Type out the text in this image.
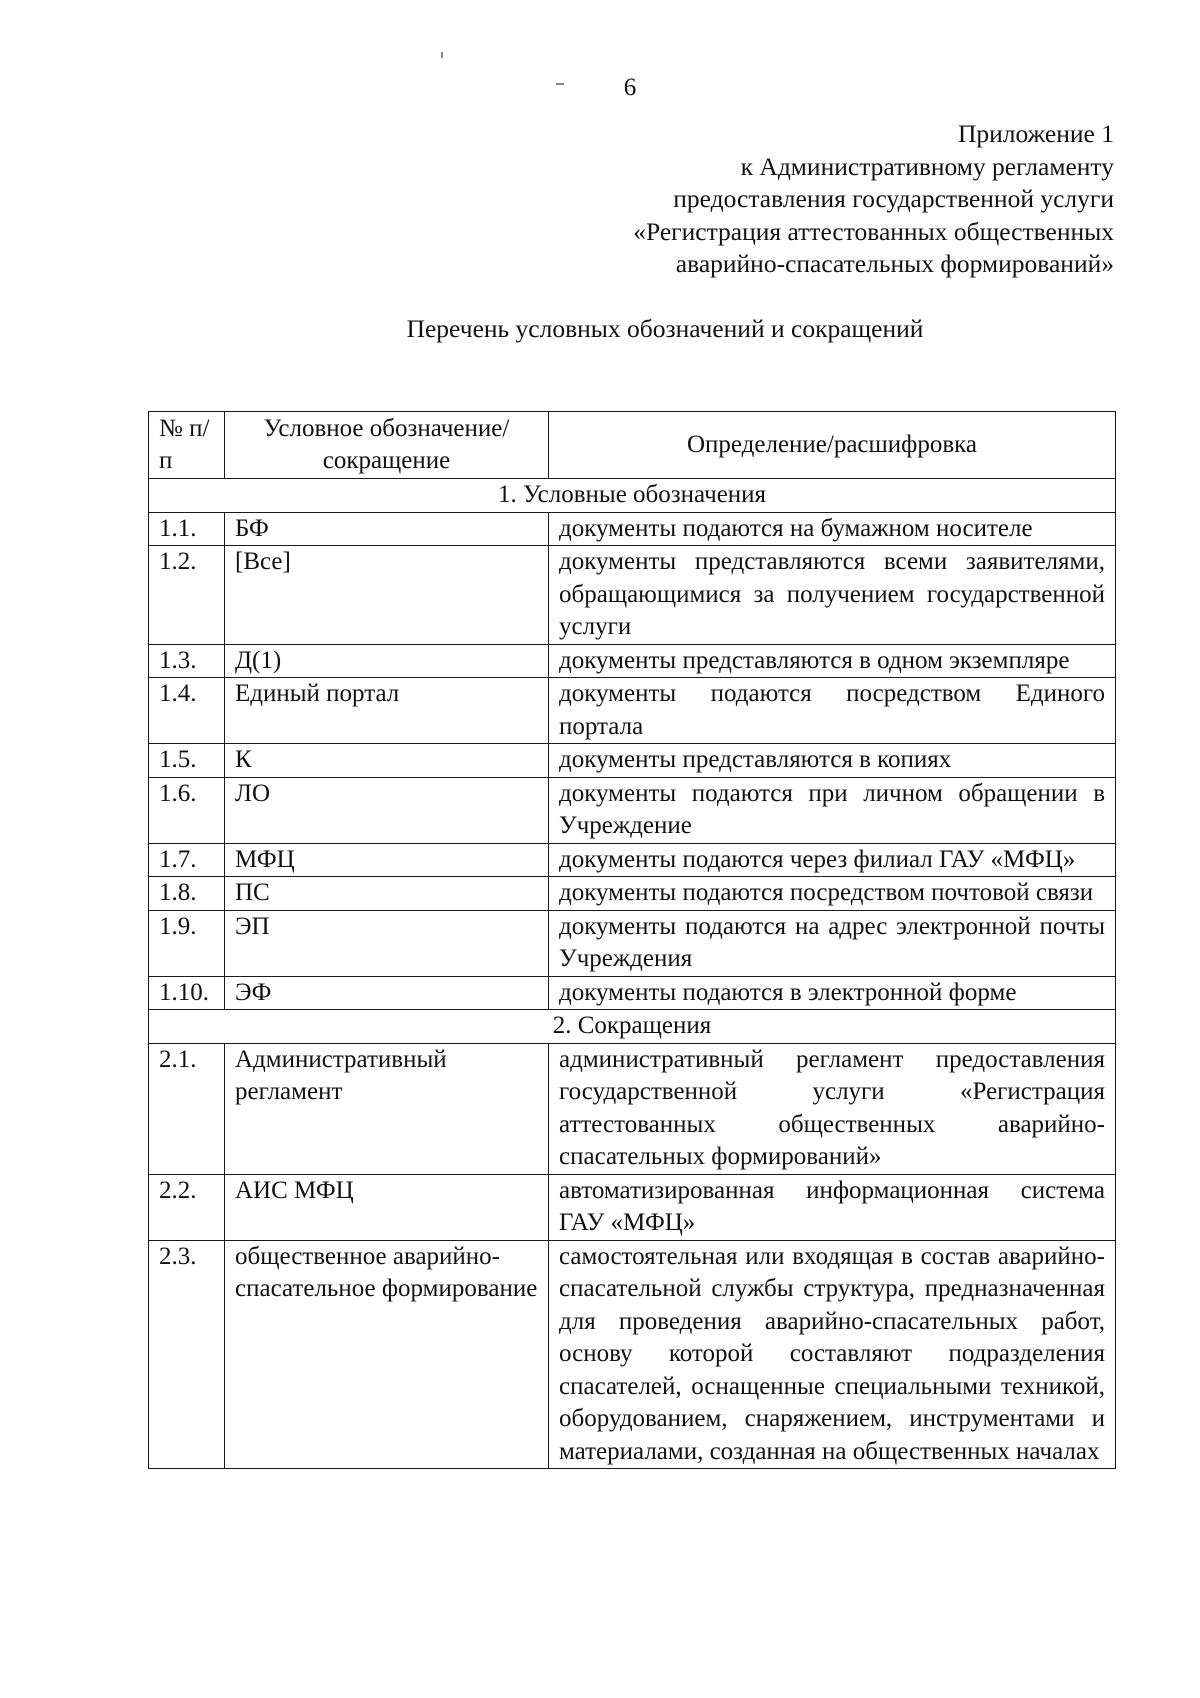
6
Приложение 1
к Административному регламенту
предоставления государственной услуги
«Регистрация аттестованных общественных
аварийно-спасательных формирований»
Перечень условных обозначений и сокращений
№ п/п	Условное обозначение/сокращение	Определение/расшифровка
1. Условные обозначения		
1.1.	БФ	документы подаются на бумажном носителе
1.2.	[Все]	документы представляются всеми заявителями, обращающимися за получением государственной услуги
1.3.	Д(1)	документы представляются в одном экземпляре
1.4.	Единый портал	документы подаются посредством Единого портала
1.5.	К	документы представляются в копиях
1.6.	ЛО	документы подаются при личном обращении в Учреждение
1.7.	МФЦ	документы подаются через филиал ГАУ «МФЦ»
1.8.	ПС	документы подаются посредством почтовой связи
1.9.	ЭП	документы подаются на адрес электронной почты Учреждения
1.10.	ЭФ	документы подаются в электронной форме
2. Сокращения		
2.1.	Административный регламент	административный регламент предоставления государственной услуги «Регистрация аттестованных общественных аварийно-спасательных формирований»
2.2.	АИС МФЦ	автоматизированная информационная система ГАУ «МФЦ»
2.3.	общественное аварийно-спасательное формирование	самостоятельная или входящая в состав аварийно-спасательной службы структура, предназначенная для проведения аварийно-спасательных работ, основу которой составляют подразделения спасателей, оснащенные специальными техникой, оборудованием, снаряжением, инструментами и материалами, созданная на общественных началах
